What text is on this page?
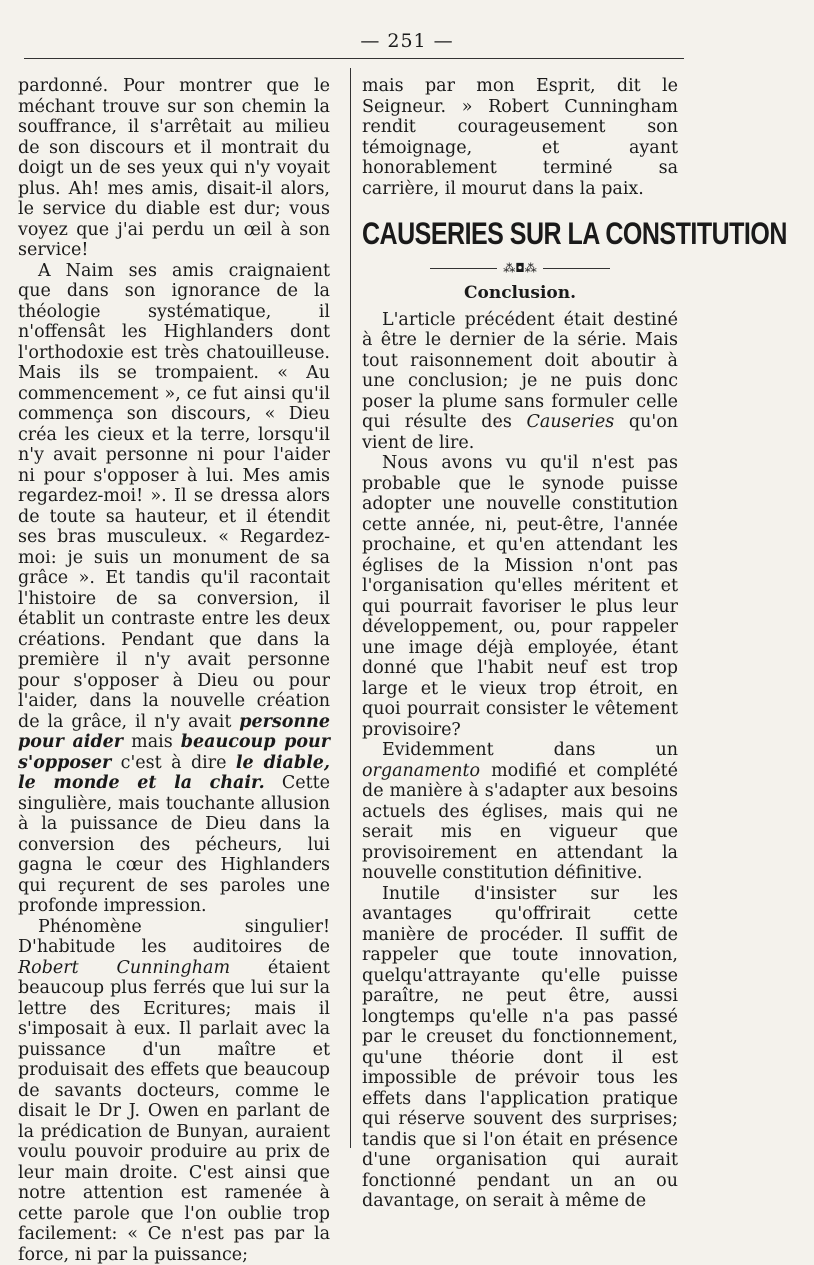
— 251 —

pardonné. Pour montrer que le méchant trouve sur son chemin la souffrance, il s'arrêtait au milieu de son discours et il montrait du doigt un de ses yeux qui n'y voyait plus. Ah! mes amis, disait-il alors, le service du diable est dur; vous voyez que j'ai perdu un œil à son service!

A Naim ses amis craignaient que dans son ignorance de la théologie systématique, il n'offensât les Highlanders dont l'orthodoxie est très chatouilleuse. Mais ils se trompaient. « Au commencement », ce fut ainsi qu'il commença son discours, « Dieu créa les cieux et la terre, lorsqu'il n'y avait personne ni pour l'aider ni pour s'opposer à lui. Mes amis regardez-moi! ». Il se dressa alors de toute sa hauteur, et il étendit ses bras musculeux. « Regardez-moi: je suis un monument de sa grâce ». Et tandis qu'il racontait l'histoire de sa conversion, il établit un contraste entre les deux créations. Pendant que dans la première il n'y avait personne pour s'opposer à Dieu ou pour l'aider, dans la nouvelle création de la grâce, il n'y avait personne pour aider mais beaucoup pour s'opposer c'est à dire le diable, le monde et la chair. Cette singulière, mais touchante allusion à la puissance de Dieu dans la conversion des pécheurs, lui gagna le cœur des Highlanders qui reçurent de ses paroles une profonde impression.

Phénomène singulier! D'habitude les auditoires de Robert Cunningham étaient beaucoup plus ferrés que lui sur la lettre des Ecritures; mais il s'imposait à eux. Il parlait avec la puissance d'un maître et produisait des effets que beaucoup de savants docteurs, comme le disait le Dr J. Owen en parlant de la prédication de Bunyan, auraient voulu pouvoir produire au prix de leur main droite. C'est ainsi que notre attention est ramenée à cette parole que l'on oublie trop facilement: « Ce n'est pas par la force, ni par la puissance;

mais par mon Esprit, dit le Seigneur. » Robert Cunningham rendit courageusement son témoignage, et ayant honorablement terminé sa carrière, il mourut dans la paix.

CAUSERIES SUR LA CONSTITUTION
⁂◘⁂
Conclusion.

L'article précédent était destiné à être le dernier de la série. Mais tout raisonnement doit aboutir à une conclusion; je ne puis donc poser la plume sans formuler celle qui résulte des Causeries qu'on vient de lire.

Nous avons vu qu'il n'est pas probable que le synode puisse adopter une nouvelle constitution cette année, ni, peut-être, l'année prochaine, et qu'en attendant les églises de la Mission n'ont pas l'organisation qu'elles méritent et qui pourrait favoriser le plus leur développement, ou, pour rappeler une image déjà employée, étant donné que l'habit neuf est trop large et le vieux trop étroit, en quoi pourrait consister le vêtement provisoire?

Evidemment dans un organamento modifié et complété de manière à s'adapter aux besoins actuels des églises, mais qui ne serait mis en vigueur que provisoirement en attendant la nouvelle constitution définitive.

Inutile d'insister sur les avantages qu'offrirait cette manière de procéder. Il suffit de rappeler que toute innovation, quelqu'attrayante qu'elle puisse paraître, ne peut être, aussi longtemps qu'elle n'a pas passé par le creuset du fonctionnement, qu'une théorie dont il est impossible de prévoir tous les effets dans l'application pratique qui réserve souvent des surprises; tandis que si l'on était en présence d'une organisation qui aurait fonctionné pendant un an ou davantage, on serait à même de
